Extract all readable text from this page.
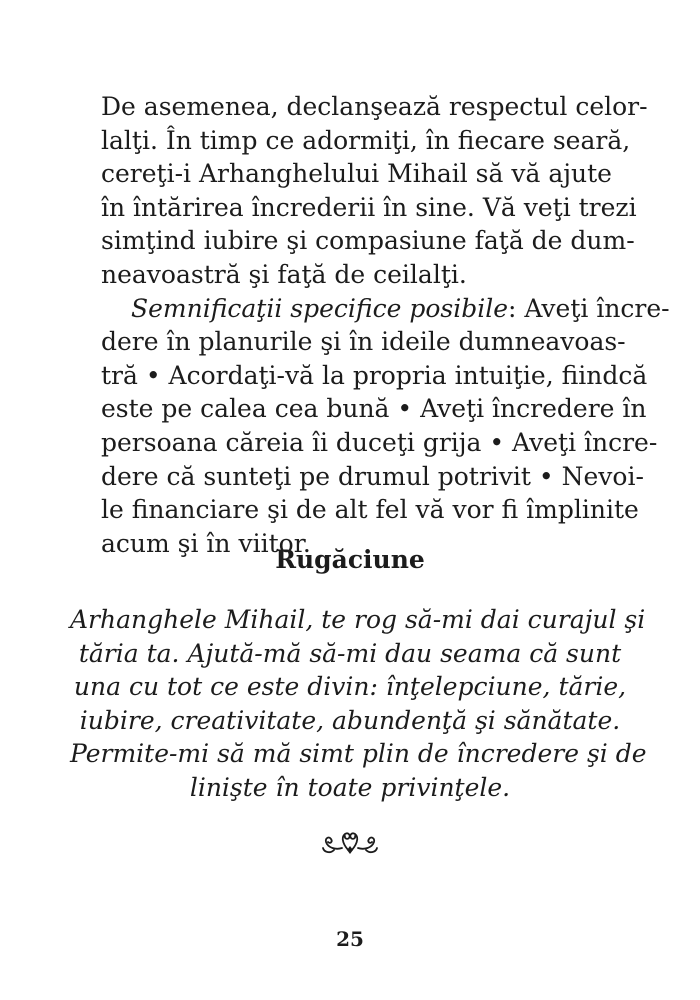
De asemenea, declanşează respectul celor-
lalţi. În timp ce adormiţi, în fiecare seară,
cereţi-i Arhanghelului Mihail să vă ajute
în întărirea încrederii în sine. Vă veţi trezi
simţind iubire şi compasiune faţă de dum-
neavoastră şi faţă de ceilalţi.
Semnificaţii specifice posibile: Aveţi încre-
dere în planurile şi în ideile dumneavoas-
tră • Acordaţi-vă la propria intuiţie, fiindcă
este pe calea cea bună • Aveţi încredere în
persoana căreia îi duceţi grija • Aveţi încre-
dere că sunteţi pe drumul potrivit • Nevoi-
le financiare şi de alt fel vă vor fi împlinite
acum şi în viitor.
Rugăciune
Arhanghele Mihail, te rog să-mi dai curajul şi
tăria ta. Ajută-mă să-mi dau seama că sunt
una cu tot ce este divin: înţelepciune, tărie,
iubire, creativitate, abundenţă şi sănătate.
Permite-mi să mă simt plin de încredere şi de
linişte în toate privinţele.
25
